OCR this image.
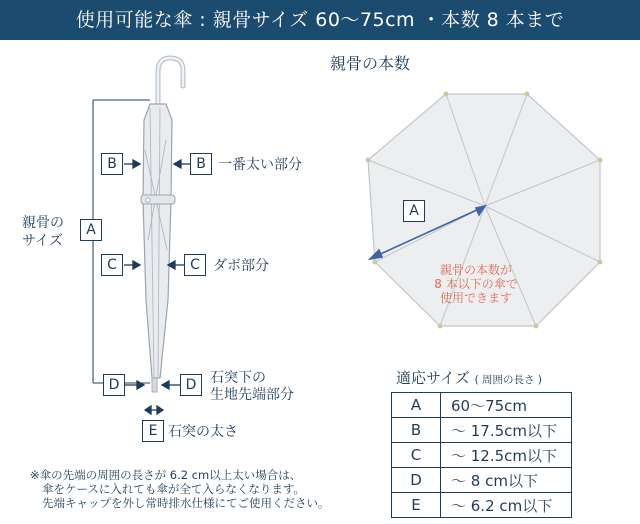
使用可能な傘 : 親骨サイズ 60〜75cm ・本数 8 本まで
B	B 一番太い部分
親骨の
サイズ
A
C	C ダボ部分
D	D 石突下の
生地先端部分
E 石突の太さ
親骨の本数
A
親骨の本数が
8 本以下の傘で
使用できます
適応サイズ ( 周囲の長さ )
A	60〜75cm
B	〜 17.5cm以下
C	〜 12.5cm以下
D	〜 8 cm以下
E	〜 6.2 cm以下
※傘の先端の周囲の長さが 6.2 cm以上太い場合は、
傘をケースに入れても傘が全て入らなくなります。
先端キャップを外し常時排水仕様にてご使用ください。
